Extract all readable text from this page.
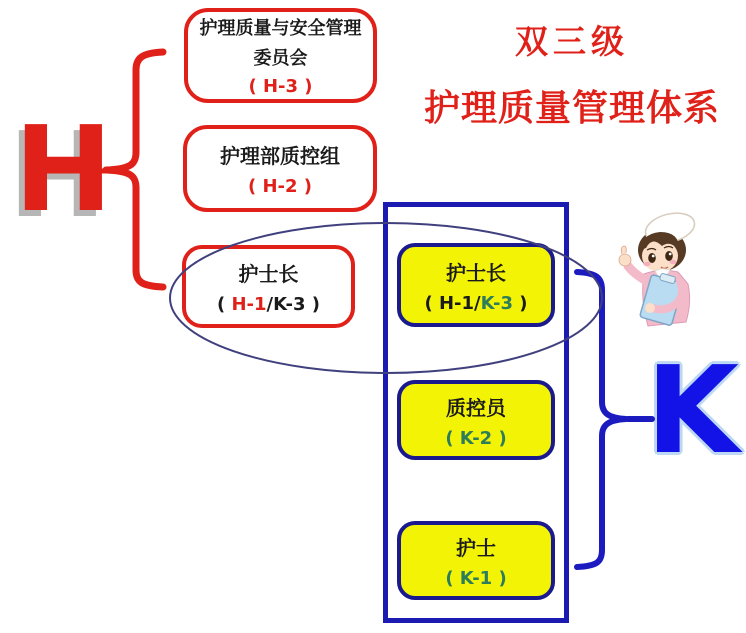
H
K
双三级
护理质量管理体系
护理质量与安全管理
委员会
( H-3 )
护理部质控组
( H-2 )
护士长
( H-1/K-3 )
护士长
( H-1/K-3 )
质控员
( K-2 )
护士
( K-1 )
